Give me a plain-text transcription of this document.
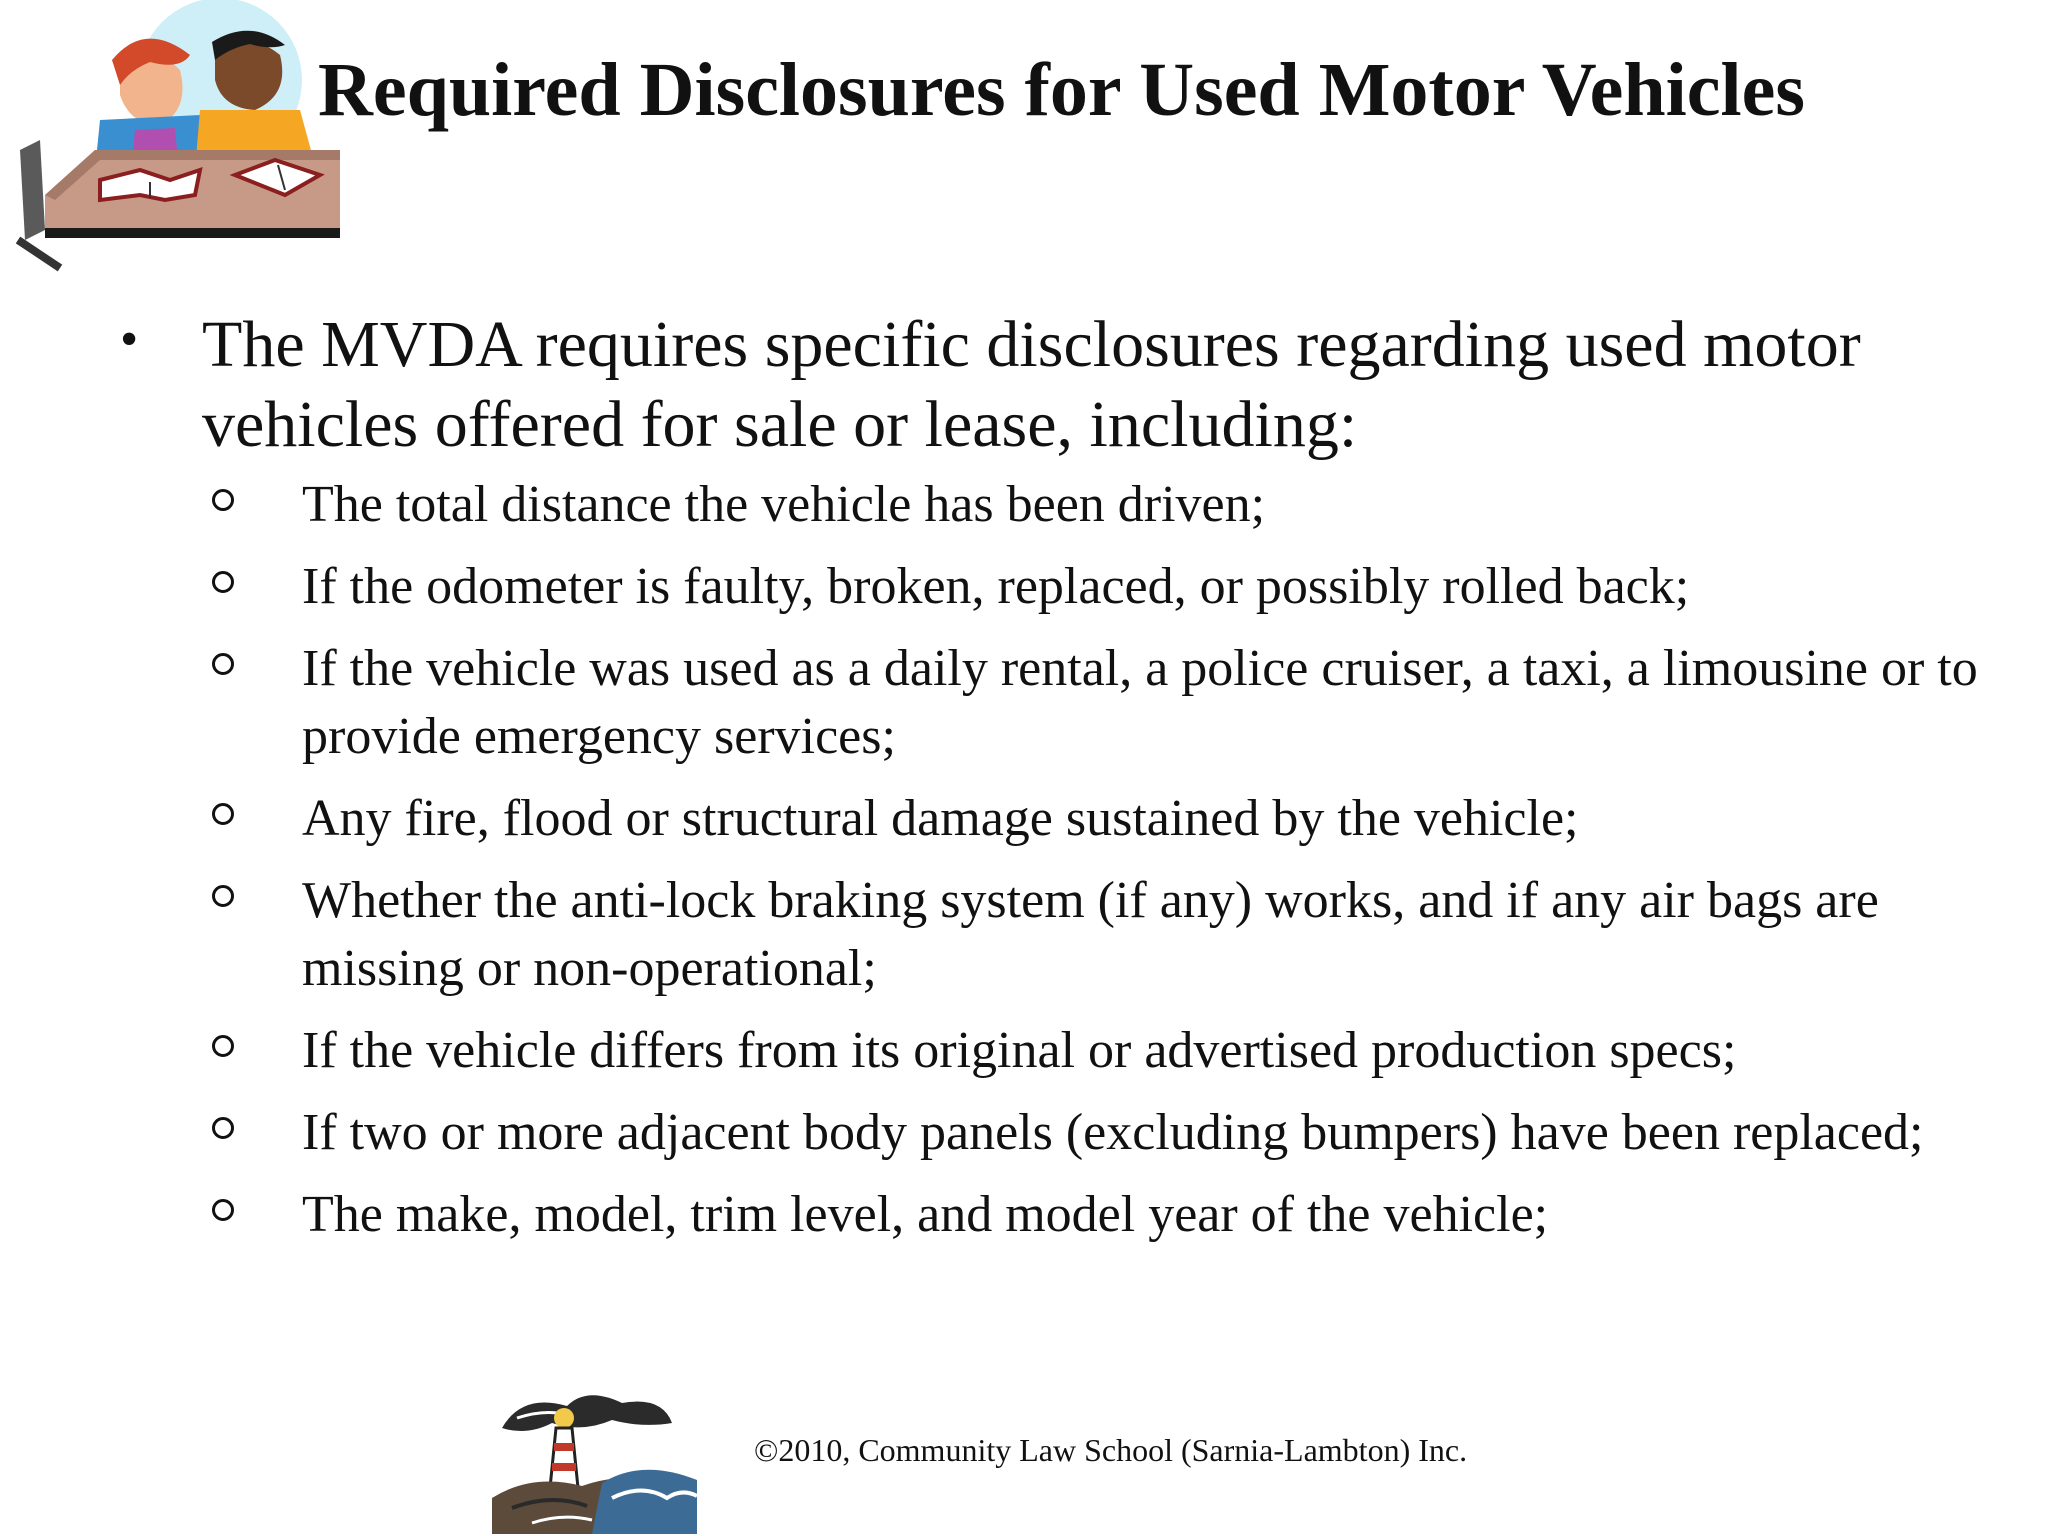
Required Disclosures for Used Motor Vehicles
• The MVDA requires specific disclosures regarding used motor vehicles offered for sale or lease, including:
The total distance the vehicle has been driven;
If the odometer is faulty, broken, replaced, or possibly rolled back;
If the vehicle was used as a daily rental, a police cruiser, a taxi, a limousine or to provide emergency services;
Any fire, flood or structural damage sustained by the vehicle;
Whether the anti-lock braking system (if any) works, and if any air bags are missing or non-operational;
If the vehicle differs from its original or advertised production specs;
If two or more adjacent body panels (excluding bumpers) have been replaced;
The make, model, trim level, and model year of the vehicle;
©2010, Community Law School (Sarnia-Lambton) Inc.
